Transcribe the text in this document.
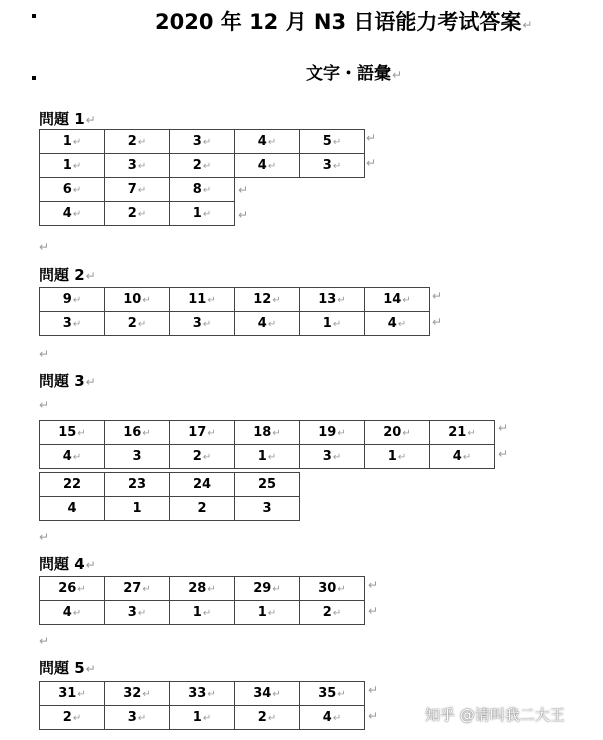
2020 年 12 月 N3 日语能力考试答案↵
文字・語彙↵
問題 1↵
1↵	2↵	3↵	4↵	5↵
1↵	3↵	2↵	4↵	3↵
6↵	7↵	8↵		
4↵	2↵	1↵		
↵
↵
↵
↵
↵
問題 2↵
9↵	10↵	11↵	12↵	13↵	14↵
3↵	2↵	3↵	4↵	1↵	4↵
↵
↵
↵
問題 3↵
↵
15↵	16↵	17↵	18↵	19↵	20↵	21↵
4↵	3	2↵	1↵	3↵	1↵	4↵
↵
↵
22	23	24	25
4	1	2	3
↵
問題 4↵
26↵	27↵	28↵	29↵	30↵
4↵	3↵	1↵	1↵	2↵
↵
↵
↵
問題 5↵
31↵	32↵	33↵	34↵	35↵
2↵	3↵	1↵	2↵	4↵
↵
↵	知乎 @请叫我二大王
